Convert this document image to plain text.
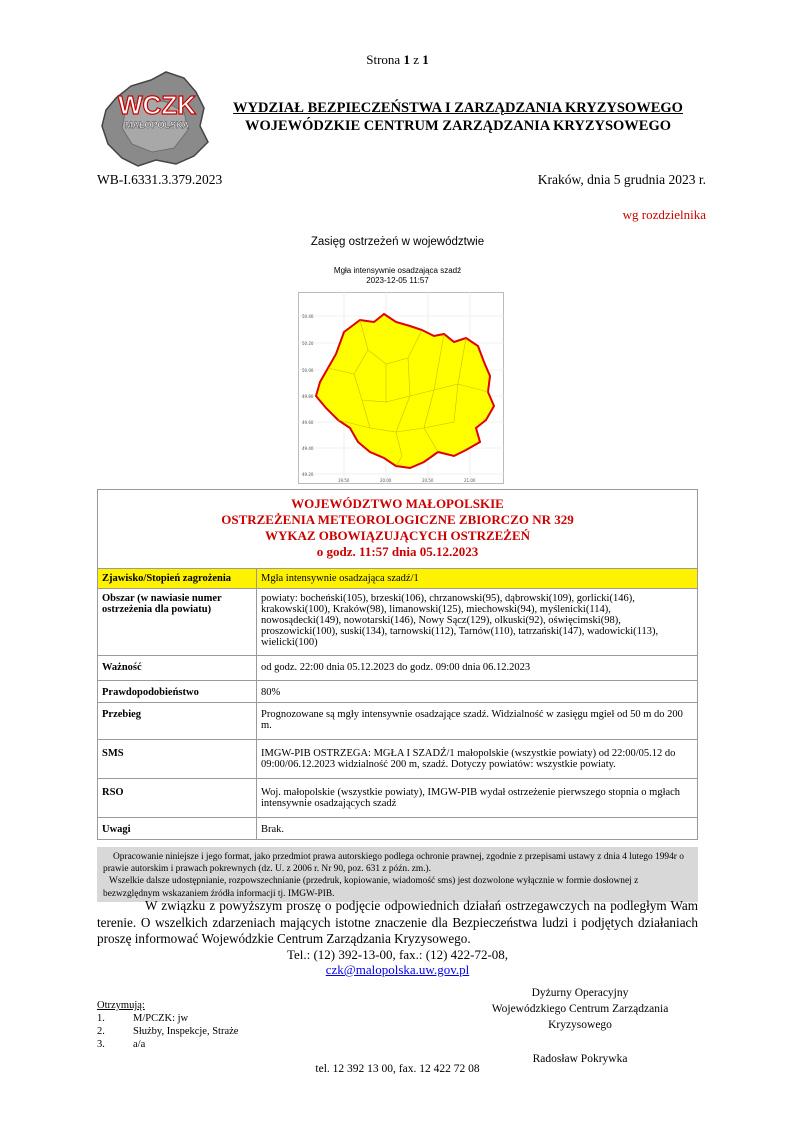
Strona 1 z 1
WCZK
MAŁOPOLSKA
WYDZIAŁ BEZPIECZEŃSTWA I ZARZĄDZANIA KRYZYSOWEGO
WOJEWÓDZKIE CENTRUM ZARZĄDZANIA KRYZYSOWEGO
WB-I.6331.3.379.2023	Kraków, dnia 5 grudnia 2023 r.
wg rozdzielnika
Zasięg ostrzeżeń w województwie
Mgła intensywnie osadzająca szadź
2023-12-05 11:57
50.40
50.20
50.00
49.80
49.60
49.40
49.20
19.50	20.00	20.50	21.00
WOJEWÓDZTWO MAŁOPOLSKIE
OSTRZEŻENIA METEOROLOGICZNE ZBIORCZO NR 329
WYKAZ OBOWIĄZUJĄCYCH OSTRZEŻEŃ
o godz. 11:57 dnia 05.12.2023	

Zjawisko/Stopień zagrożenia	Mgła intensywnie osadzająca szadź/1
Obszar (w nawiasie numer ostrzeżenia dla powiatu)	powiaty: bocheński(105), brzeski(106), chrzanowski(95), dąbrowski(109), gorlicki(146), krakowski(100), Kraków(98), limanowski(125), miechowski(94), myślenicki(114), nowosądecki(149), nowotarski(146), Nowy Sącz(129), olkuski(92), oświęcimski(98), proszowicki(100), suski(134), tarnowski(112), Tarnów(110), tatrzański(147), wadowicki(113), wielicki(100)
Ważność	od godz. 22:00 dnia 05.12.2023 do godz. 09:00 dnia 06.12.2023
Prawdopodobieństwo	80%
Przebieg	Prognozowane są mgły intensywnie osadzające szadź. Widzialność w zasięgu mgieł od 50 m do 200 m.
SMS	IMGW-PIB OSTRZEGA: MGŁA I SZADŹ/1 małopolskie (wszystkie powiaty) od 22:00/05.12 do 09:00/06.12.2023 widzialność 200 m, szadź. Dotyczy powiatów: wszystkie powiaty.
RSO	Woj. małopolskie (wszystkie powiaty), IMGW-PIB wydał ostrzeżenie pierwszego stopnia o mgłach intensywnie osadzających szadź
Uwagi	Brak.
Opracowanie niniejsze i jego format, jako przedmiot prawa autorskiego podlega ochronie prawnej, zgodnie z przepisami ustawy z dnia 4 lutego 1994r o prawie autorskim i prawach pokrewnych (dz. U. z 2006 r. Nr 90, poz. 631 z późn. zm.).
Wszelkie dalsze udostępnianie, rozpowszechnianie (przedruk, kopiowanie, wiadomość sms) jest dozwolone wyłącznie w formie dosłownej z bezwzględnym wskazaniem źródła informacji tj. IMGW-PIB.
W związku z powyższym proszę o podjęcie odpowiednich działań ostrzegawczych na podległym Wam terenie. O wszelkich zdarzeniach mających istotne znaczenie dla Bezpieczeństwa ludzi i podjętych działaniach proszę informować Wojewódzkie Centrum Zarządzania Kryzysowego.
Tel.: (12) 392-13-00, fax.: (12) 422-72-08,
czk@malopolska.uw.gov.pl
Dyżurny Operacyjny
Wojewódzkiego Centrum Zarządzania
Kryzysowego
Radosław Pokrywka
Otrzymują:
1.	M/PCZK: jw
2.	Służby, Inspekcje, Straże
3.	a/a
tel. 12 392 13 00, fax. 12 422 72 08
